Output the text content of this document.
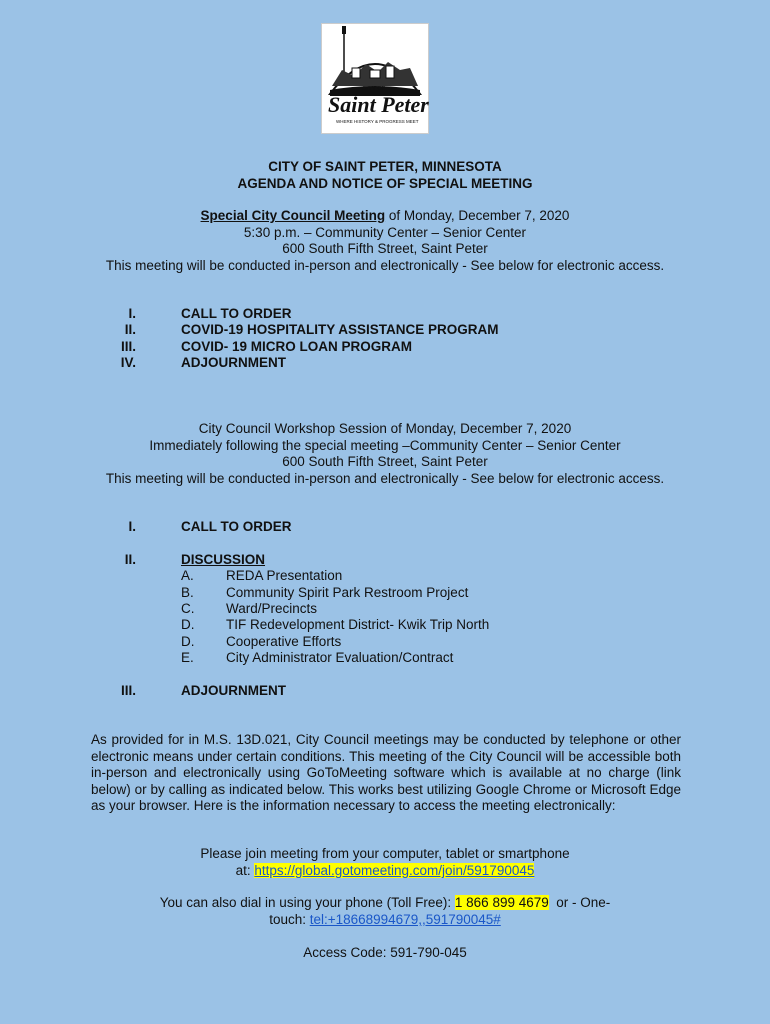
CITY OF
Saint Peter
WHERE HISTORY & PROGRESS MEET
CITY OF SAINT PETER, MINNESOTA
AGENDA AND NOTICE OF SPECIAL MEETING
Special City Council Meeting of Monday, December 7, 2020
5:30 p.m. – Community Center – Senior Center
600 South Fifth Street, Saint Peter
This meeting will be conducted in-person and electronically - See below for electronic access.
I.	CALL TO ORDER
II.	COVID-19 HOSPITALITY ASSISTANCE PROGRAM
III.	COVID- 19 MICRO LOAN PROGRAM
IV.	ADJOURNMENT
City Council Workshop Session of Monday, December 7, 2020
Immediately following the special meeting –Community Center – Senior Center
600 South Fifth Street, Saint Peter
This meeting will be conducted in-person and electronically - See below for electronic access.
I.	CALL TO ORDER
II.	DISCUSSION
A. REDA Presentation
B. Community Spirit Park Restroom Project
C. Ward/Precincts
D. TIF Redevelopment District- Kwik Trip North
D. Cooperative Efforts
E. City Administrator Evaluation/Contract
III.	ADJOURNMENT
As provided for in M.S. 13D.021, City Council meetings may be conducted by telephone or other electronic means under certain conditions. This meeting of the City Council will be accessible both in-person and electronically using GoToMeeting software which is available at no charge (link below) or by calling as indicated below. This works best utilizing Google Chrome or Microsoft Edge as your browser. Here is the information necessary to access the meeting electronically:
Please join meeting from your computer, tablet or smartphone
at: https://global.gotomeeting.com/join/591790045
You can also dial in using your phone (Toll Free): 1 866 899 4679  or - One-
touch: tel:+18668994679,,591790045#
Access Code: 591-790-045
